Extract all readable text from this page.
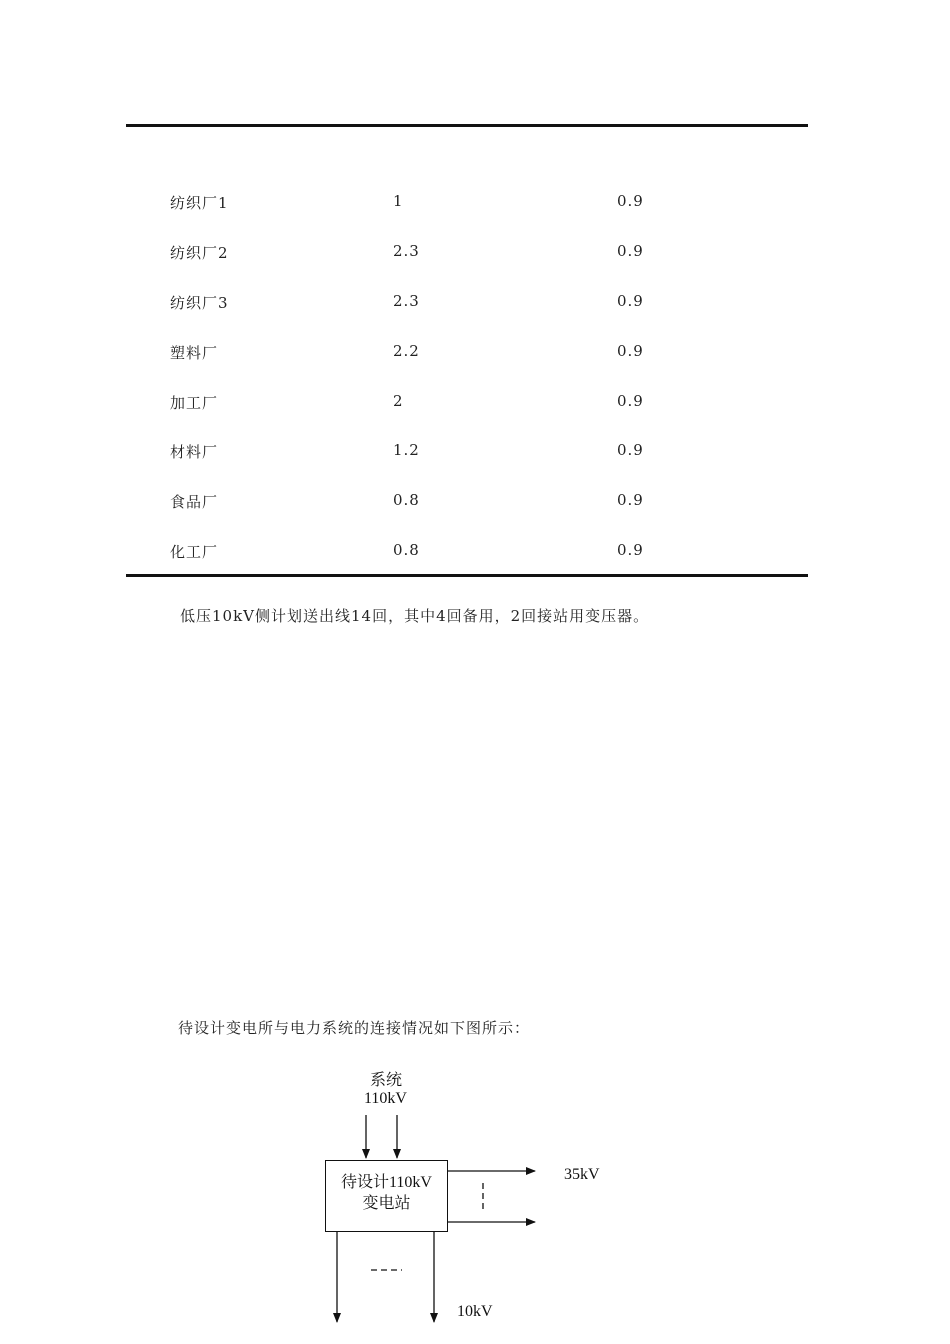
纺织厂1	1	0.9
纺织厂2	2.3	0.9
纺织厂3	2.3	0.9
塑料厂	2.2	0.9
加工厂	2	0.9
材料厂	1.2	0.9
食品厂	0.8	0.9
化工厂	0.8	0.9

低压10kV侧计划送出线14回，其中4回备用，2回接站用变压器。

待设计变电所与电力系统的连接情况如下图所示：

系统
110kV
待设计110kV
变电站
35kV
10kV
